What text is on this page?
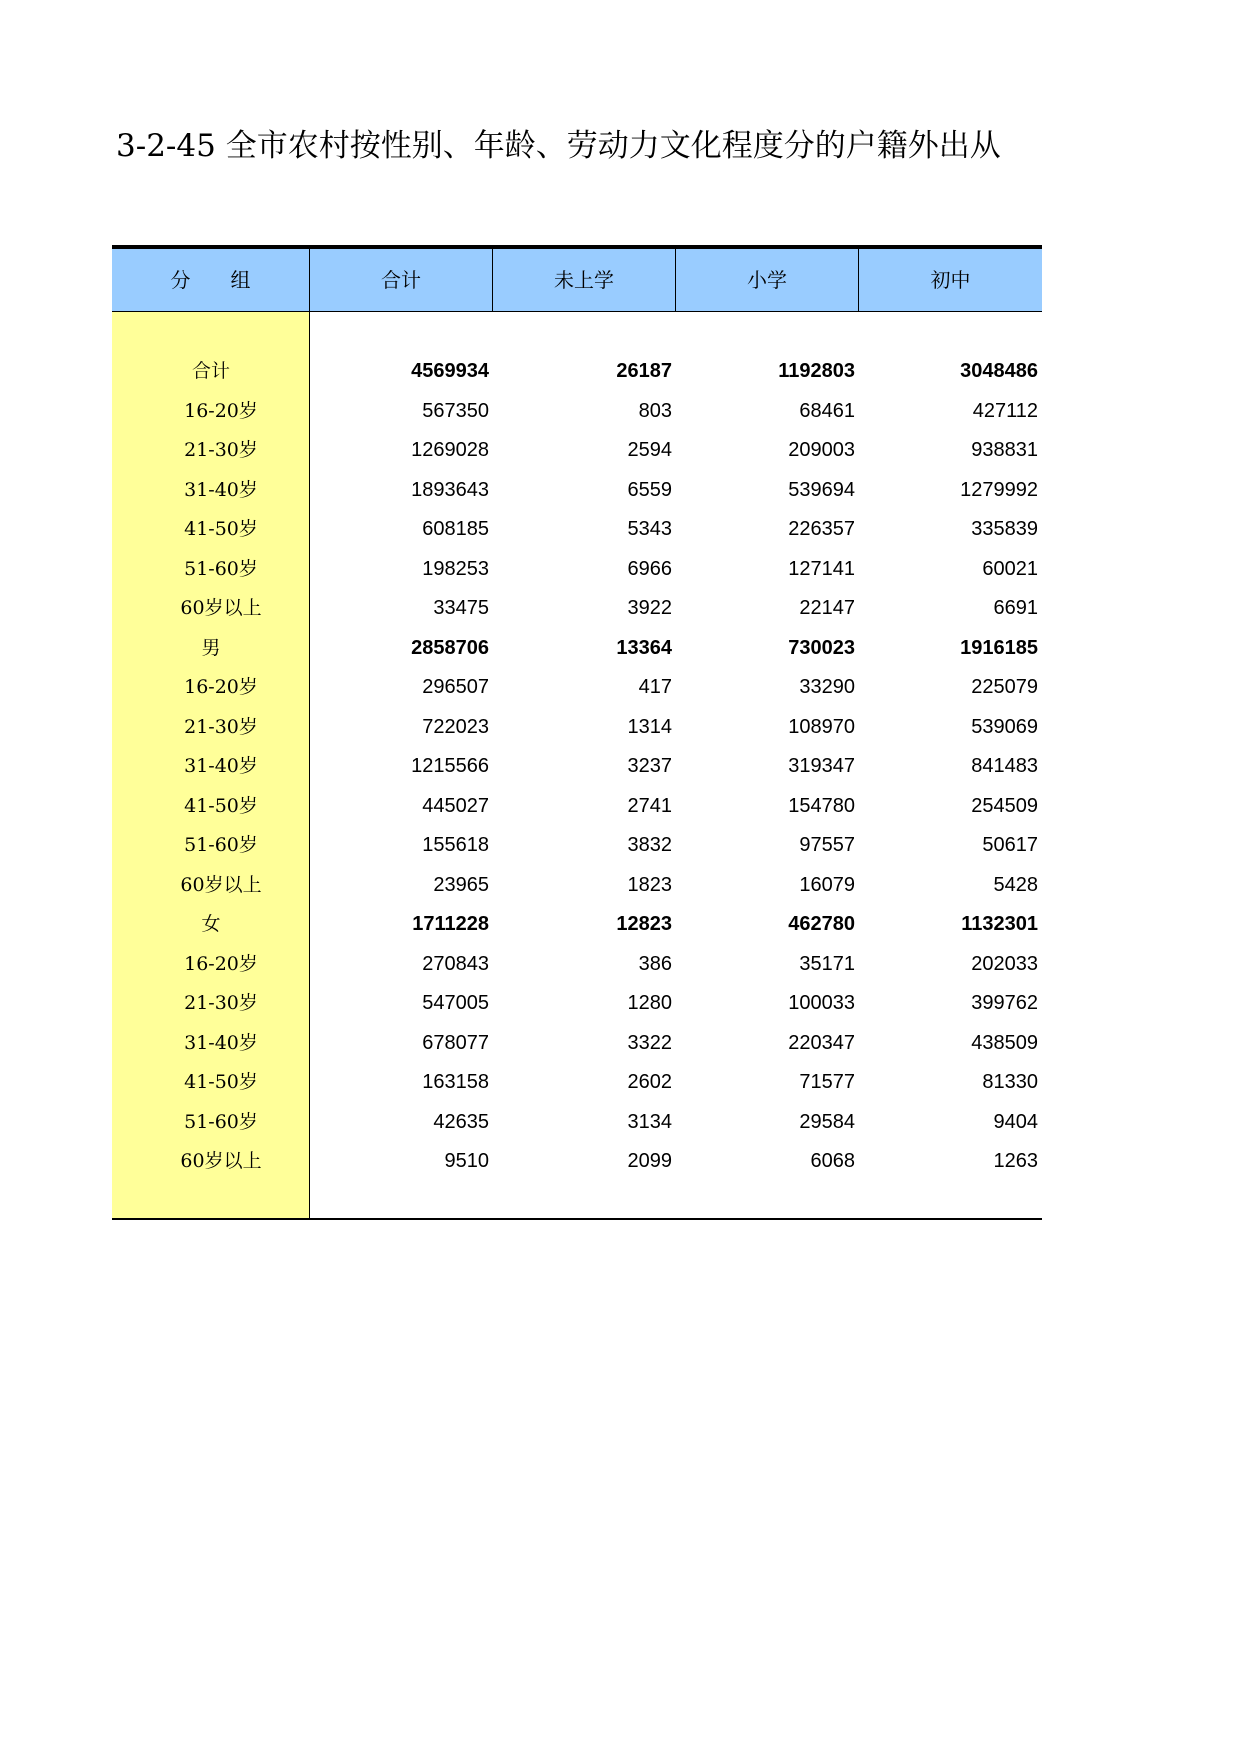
3-2-45 全市农村按性别、年龄、劳动力文化程度分的户籍外出从
分　　组	合计	未上学	小学	初中
合计	4569934	26187	1192803	3048486
16-20岁	567350	803	68461	427112
21-30岁	1269028	2594	209003	938831
31-40岁	1893643	6559	539694	1279992
41-50岁	608185	5343	226357	335839
51-60岁	198253	6966	127141	60021
60岁以上	33475	3922	22147	6691
男	2858706	13364	730023	1916185
16-20岁	296507	417	33290	225079
21-30岁	722023	1314	108970	539069
31-40岁	1215566	3237	319347	841483
41-50岁	445027	2741	154780	254509
51-60岁	155618	3832	97557	50617
60岁以上	23965	1823	16079	5428
女	1711228	12823	462780	1132301
16-20岁	270843	386	35171	202033
21-30岁	547005	1280	100033	399762
31-40岁	678077	3322	220347	438509
41-50岁	163158	2602	71577	81330
51-60岁	42635	3134	29584	9404
60岁以上	9510	2099	6068	1263
